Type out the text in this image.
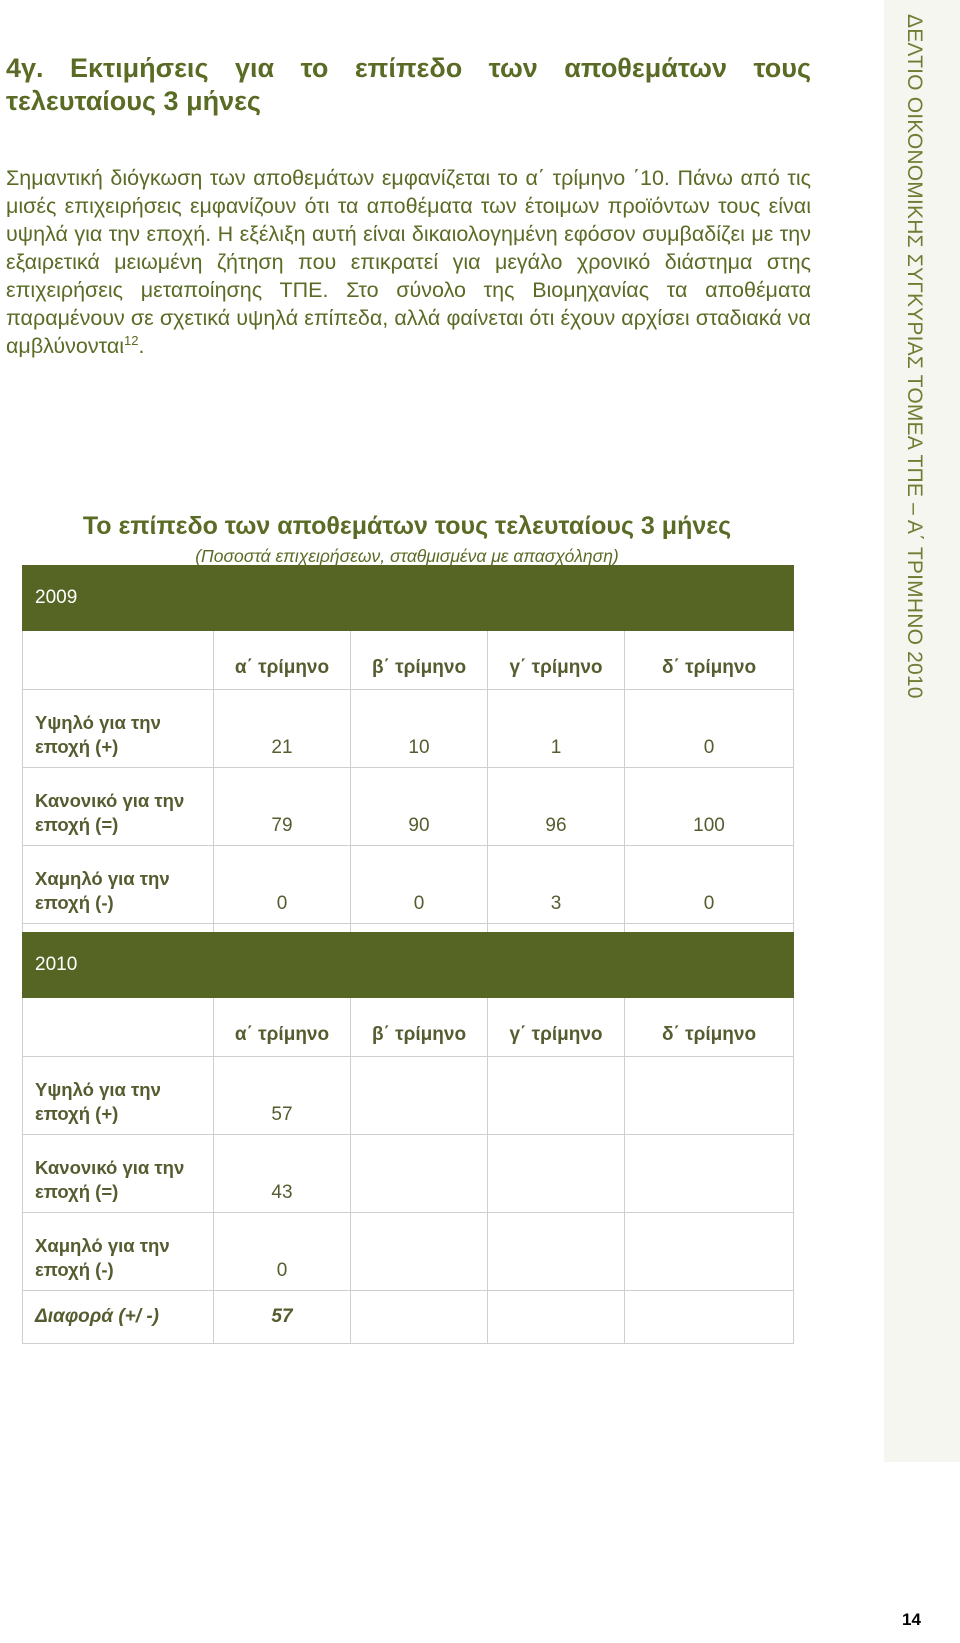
ΔΕΛΤΙΟ ΟΙΚΟΝΟΜΙΚΗΣ ΣΥΓΚΥΡΙΑΣ ΤΟΜΕΑ ΤΠΕ – Α΄ ΤΡΙΜΗΝΟ 2010
4γ. Εκτιμήσεις για το επίπεδο των αποθεμάτων τους τελευταίους 3 μήνες

Σημαντική διόγκωση των αποθεμάτων εμφανίζεται το α΄ τρίμηνο ΄10. Πάνω από τις μισές επιχειρήσεις εμφανίζουν ότι τα αποθέματα των έτοιμων προϊόντων τους είναι υψηλά για την εποχή. Η εξέλιξη αυτή είναι δικαιολογημένη εφόσον συμβαδίζει με την εξαιρετικά μειωμένη ζήτηση που επικρατεί για μεγάλο χρονικό διάστημα στης επιχειρήσεις μεταποίησης ΤΠΕ. Στο σύνολο της Βιομηχανίας τα αποθέματα παραμένουν σε σχετικά υψηλά επίπεδα, αλλά φαίνεται ότι έχουν αρχίσει σταδιακά να αμβλύνονται$^{12}$.

Το επίπεδο των αποθεμάτων τους τελευταίους 3 μήνες
(Ποσοστά επιχειρήσεων, σταθμισμένα με απασχόληση)
2009				
	α΄ τρίμηνο	β΄ τρίμηνο	γ΄ τρίμηνο	δ΄ τρίμηνο
Υψηλό για την
εποχή (+)	21	10	1	0
Κανονικό για την
εποχή (=)	79	90	96	100
Χαμηλό για την
εποχή (-)	0	0	3	0

2010				
	α΄ τρίμηνο	β΄ τρίμηνο	γ΄ τρίμηνο	δ΄ τρίμηνο
Υψηλό για την
εποχή (+)	57			
Κανονικό για την
εποχή (=)	43			
Χαμηλό για την
εποχή (-)	0			
Διαφορά (+/ -)	57			
14
